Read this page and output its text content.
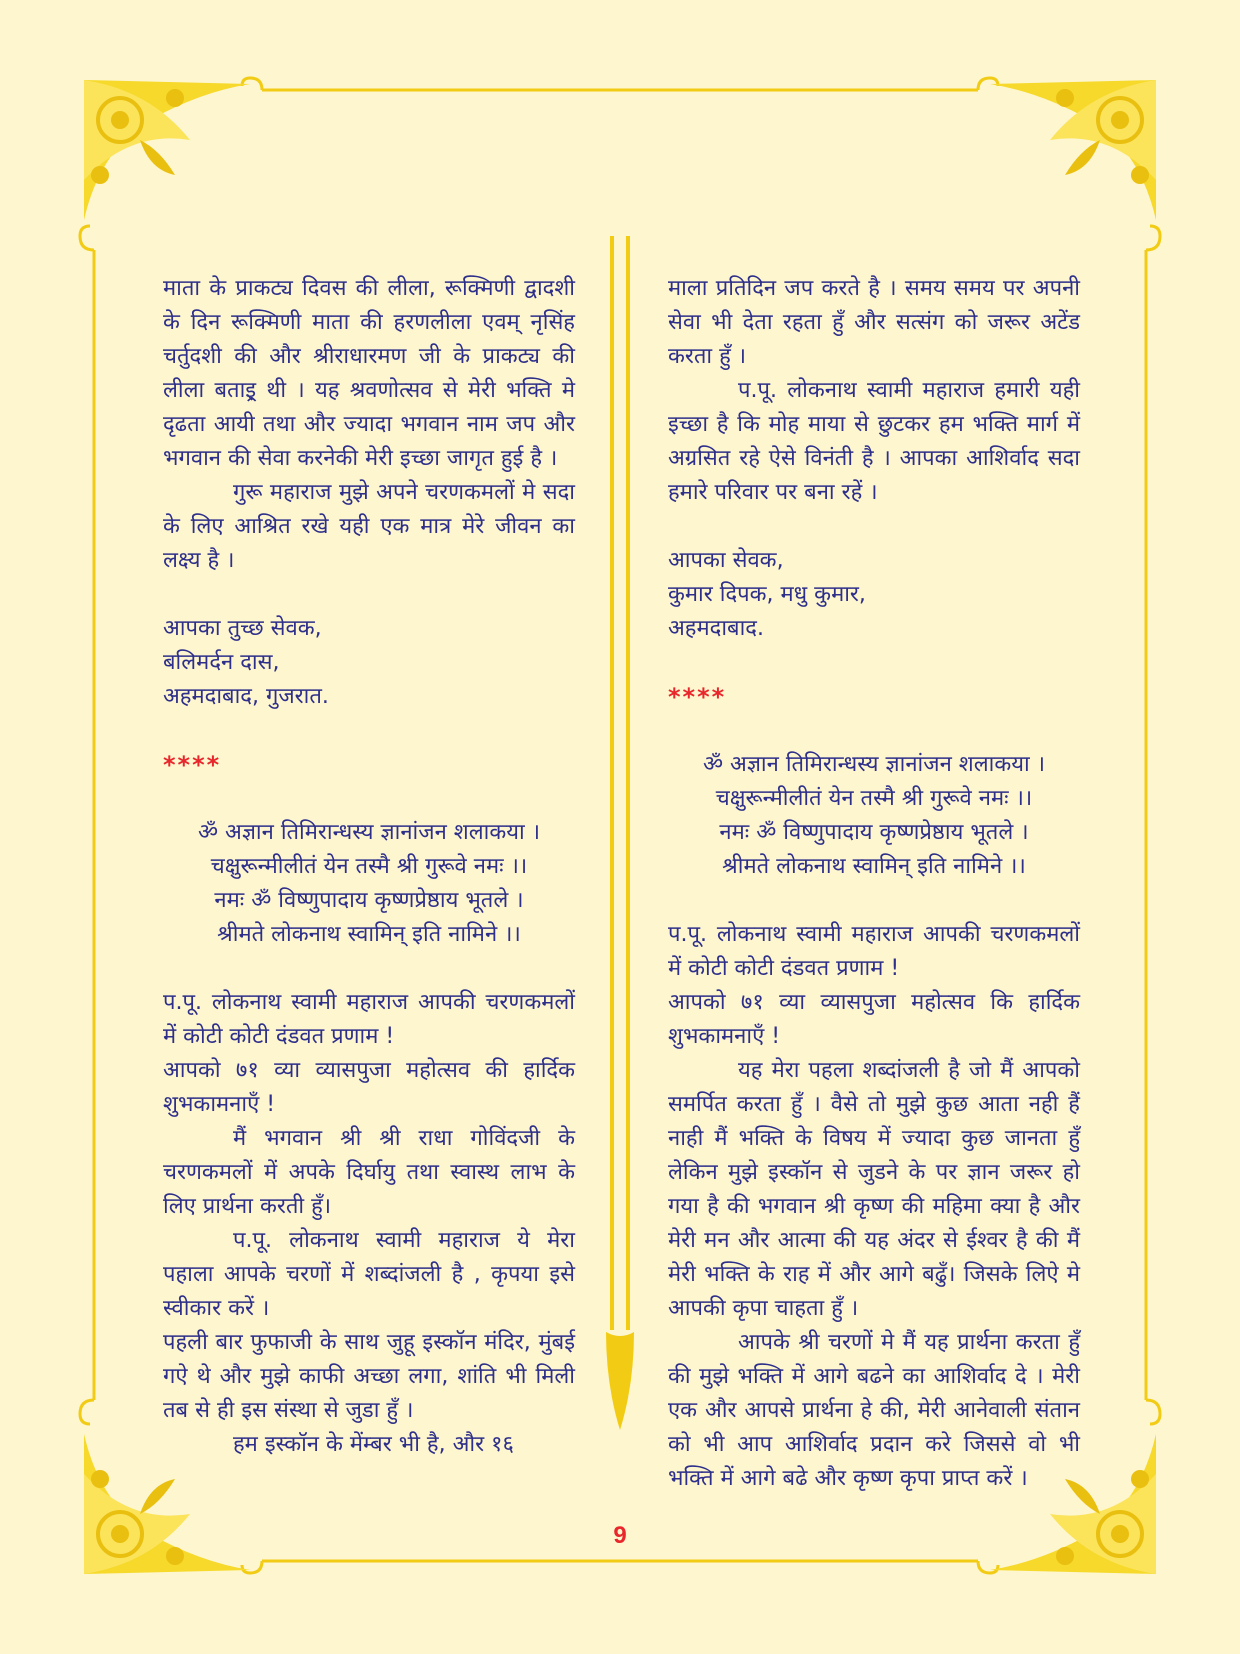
माता के प्राकट्य दिवस की लीला, रूक्मिणी द्वादशी के दिन रूक्मिणी माता की हरणलीला एवम् नृसिंह चर्तुदशी की और श्रीराधारमण जी के प्राकट्य की लीला बताइ्र थी । यह श्रवणोत्सव से मेरी भक्ति मे दृढता आयी तथा और ज्यादा भगवान नाम जप और भगवान की सेवा करनेकी मेरी इच्छा जागृत हुई है ।

गुरू महाराज मुझे अपने चरणकमलों मे सदा के लिए आश्रित रखे यही एक मात्र मेरे जीवन का लक्ष्य है ।

आपका तुच्छ सेवक,

बलिमर्दन दास,

अहमदाबाद, गुजरात.

****

ॐ अज्ञान तिमिरान्धस्य ज्ञानांजन शलाकया ।

चक्षुरून्मीलीतं येन तस्मै श्री गुरूवे नमः ।।

नमः ॐ विष्णुपादाय कृष्णप्रेष्ठाय भूतले ।

श्रीमते लोकनाथ स्वामिन् इति नामिने ।।

प.पू. लोकनाथ स्वामी महाराज आपकी चरणकमलों में कोटी कोटी दंडवत प्रणाम !

आपको ७१ व्या व्यासपुजा महोत्सव की हार्दिक शुभकामनाएँ !

मैं भगवान श्री श्री राधा गोविंदजी के चरणकमलों में अपके दिर्घायु तथा स्वास्थ लाभ के लिए प्रार्थना करती हुँ।

प.पू. लोकनाथ स्वामी महाराज ये मेरा पहाला आपके चरणों में शब्दांजली है , कृपया इसे स्वीकार करें ।

पहली बार फुफाजी के साथ जुहू इस्कॉन मंदिर, मुंबई गऐ थे और मुझे काफी अच्छा लगा, शांति भी मिली तब से ही इस संस्था से जुडा हुँ ।

हम इस्कॉन के मेंम्बर भी है, और १६

माला प्रतिदिन जप करते है । समय समय पर अपनी सेवा भी देता रहता हुँ और सत्संग को जरूर अटेंड करता हुँ ।

प.पू. लोकनाथ स्वामी महाराज हमारी यही इच्छा है कि मोह माया से छुटकर हम भक्ति मार्ग में अग्रसित रहे ऐसे विनंती है । आपका आशिर्वाद सदा हमारे परिवार पर बना रहें ।

आपका सेवक,

कुमार दिपक, मधु कुमार,

अहमदाबाद.

****

ॐ अज्ञान तिमिरान्धस्य ज्ञानांजन शलाकया ।

चक्षुरून्मीलीतं येन तस्मै श्री गुरूवे नमः ।।

नमः ॐ विष्णुपादाय कृष्णप्रेष्ठाय भूतले ।

श्रीमते लोकनाथ स्वामिन् इति नामिने ।।

प.पू. लोकनाथ स्वामी महाराज आपकी चरणकमलों में कोटी कोटी दंडवत प्रणाम !

आपको ७१ व्या व्यासपुजा महोत्सव कि हार्दिक शुभकामनाएँ !

यह मेरा पहला शब्दांजली है जो मैं आपको समर्पित करता हुँ । वैसे तो मुझे कुछ आता नही हैं नाही मैं भक्ति के विषय में ज्यादा कुछ जानता हुँ लेकिन मुझे इस्कॉन से जुडने के पर ज्ञान जरूर हो गया है की भगवान श्री कृष्ण की महिमा क्या है और मेरी मन और आत्मा की यह अंदर से ईश्वर है की मैं मेरी भक्ति के राह में और आगे बढुँ। जिसके लिऐ मे आपकी कृपा चाहता हुँ ।

आपके श्री चरणों मे मैं यह प्रार्थना करता हुँ की मुझे भक्ति में आगे बढने का आशिर्वाद दे । मेरी एक और आपसे प्रार्थना हे की, मेरी आनेवाली संतान को भी आप आशिर्वाद प्रदान करे जिससे वो भी भक्ति में आगे बढे और कृष्ण कृपा प्राप्त करें ।

9
